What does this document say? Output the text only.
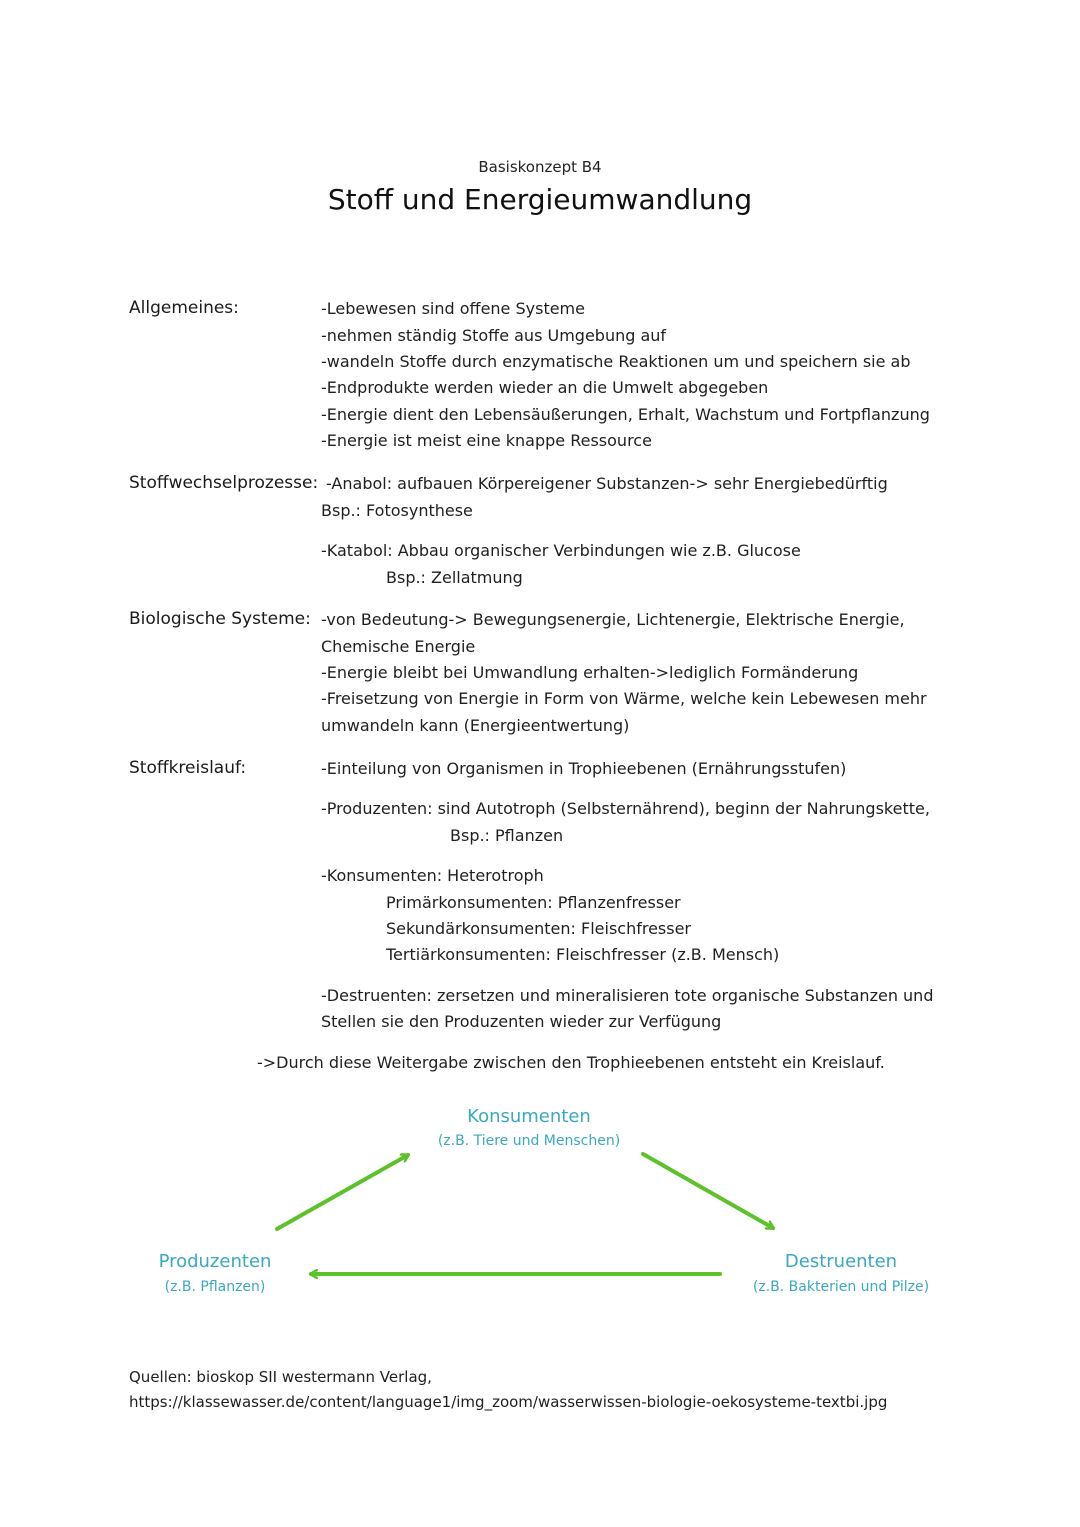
Basiskonzept B4
Stoff und Energieumwandlung
Allgemeines:	-Lebewesen sind offene Systeme
-nehmen ständig Stoffe aus Umgebung auf
-wandeln Stoffe durch enzymatische Reaktionen um und speichern sie ab
-Endprodukte werden wieder an die Umwelt abgegeben
-Energie dient den Lebensäußerungen, Erhalt, Wachstum und Fortpflanzung
-Energie ist meist eine knappe Ressource
Stoffwechselprozesse: -Anabol: aufbauen Körpereigener Substanzen-> sehr Energiebedürftig
Bsp.: Fotosynthese
-Katabol: Abbau organischer Verbindungen wie z.B. Glucose
Bsp.: Zellatmung
Biologische Systeme: -von Bedeutung-> Bewegungsenergie, Lichtenergie, Elektrische Energie,
Chemische Energie
-Energie bleibt bei Umwandlung erhalten->lediglich Formänderung
-Freisetzung von Energie in Form von Wärme, welche kein Lebewesen mehr
umwandeln kann (Energieentwertung)
Stoffkreislauf:	-Einteilung von Organismen in Trophieebenen (Ernährungsstufen)
-Produzenten: sind Autotroph (Selbsternährend), beginn der Nahrungskette,
Bsp.: Pflanzen
-Konsumenten: Heterotroph
Primärkonsumenten: Pflanzenfresser
Sekundärkonsumenten: Fleischfresser
Tertiärkonsumenten: Fleischfresser (z.B. Mensch)
-Destruenten: zersetzen und mineralisieren tote organische Substanzen und
Stellen sie den Produzenten wieder zur Verfügung
->Durch diese Weitergabe zwischen den Trophieebenen entsteht ein Kreislauf.
Konsumenten
(z.B. Tiere und Menschen)
Produzenten
(z.B. Pflanzen)
Destruenten
(z.B. Bakterien und Pilze)
Quellen: bioskop SII westermann Verlag,
https://klassewasser.de/content/language1/img_zoom/wasserwissen-biologie-oekosysteme-textbi.jpg
